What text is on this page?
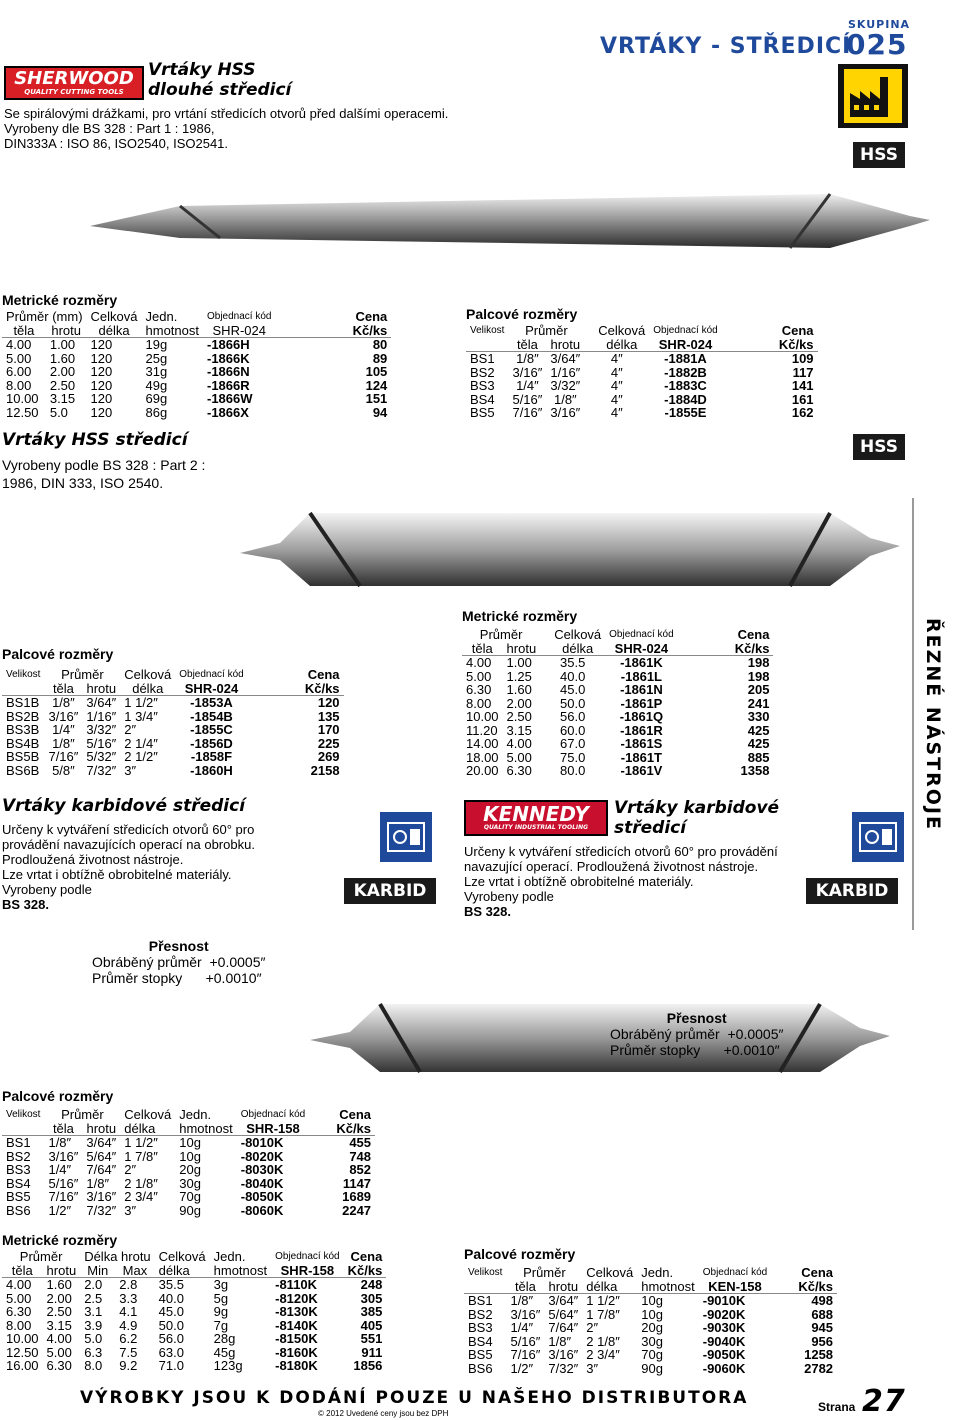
SHERWOOD
QUALITY CUTTING TOOLS
Vrtáky HSS
dlouhé středicí
Se spirálovými drážkami, pro vrtání středicích otvorů před dalšími operacemi.
Vyrobeny dle BS 328 : Part 1 : 1986,
DIN333A : ISO 86, ISO2540, ISO2541.
SKUPINA
VRTÁKY - STŘEDICÍ
025
HSS
Metrické rozměry
Průměr (mm)		Celková	Jedn.	Objednací kód	Cena
těla	hrotu	délka	hmotnost	SHR-024	Kč/ks
4.00	1.00	120	19g	-1866H	80
5.00	1.60	120	25g	-1866K	89
6.00	2.00	120	31g	-1866N	105
8.00	2.50	120	49g	-1866R	124
10.00	3.15	120	69g	-1866W	151
12.50	5.0	120	86g	-1866X	94
Palcové rozměry
Velikost	Průměr		Celková	Objednací kód	Cena
	těla	hrotu	délka	SHR-024	Kč/ks
BS1	1/8″	3/64″	4″	-1881A	109
BS2	3/16″	1/16″	4″	-1882B	117
BS3	1/4″	3/32″	4″	-1883C	141
BS4	5/16″	1/8″	4″	-1884D	161
BS5	7/16″	3/16″	4″	-1855E	162
Vrtáky HSS středicí
Vyrobeny podle BS 328 : Part 2 :
1986, DIN 333, ISO 2540.
HSS
Palcové rozměry
Velikost	Průměr		Celková	Objednací kód	Cena
	těla	hrotu	délka	SHR-024	Kč/ks
BS1B	1/8″	3/64″	1 1/2″	-1853A	120
BS2B	3/16″	1/16″	1 3/4″	-1854B	135
BS3B	1/4″	3/32″	2″	-1855C	170
BS4B	1/8″	5/16″	2 1/4″	-1856D	225
BS5B	7/16″	5/32″	2 1/2″	-1858F	269
BS6B	5/8″	7/32″	3″	-1860H	2158
Metrické rozměry
Průměr		Celková	Objednací kód	Cena
těla	hrotu	délka	SHR-024	Kč/ks
4.00	1.00	35.5	-1861K	198
5.00	1.25	40.0	-1861L	198
6.30	1.60	45.0	-1861N	205
8.00	2.00	50.0	-1861P	241
10.00	2.50	56.0	-1861Q	330
11.20	3.15	60.0	-1861R	425
14.00	4.00	67.0	-1861S	425
18.00	5.00	75.0	-1861T	885
20.00	6.30	80.0	-1861V	1358	ŘEZNÉ NÁSTROJE
Vrtáky karbidové středicí
Určeny k vytváření středicích otvorů 60° pro
provádění navazujících operací na obrobku.
Prodloužená životnost nástroje.
Lze vrtat i obtížně obrobitelné materiály.
Vyrobeny podle
BS 328.
KARBID
Přesnost
Obráběný průměr +0.0005″
Průměr stopky +0.0010″
Přesnost
Obráběný průměr +0.0005″
Průměr stopky +0.0010″
Palcové rozměry
Velikost	Průměr		Celková	Jedn.	Objednací kód	Cena
	těla	hrotu	délka	hmotnost	SHR-158	Kč/ks
BS1	1/8″	3/64″	1 1/2″	10g	-8010K	455
BS2	3/16″	5/64″	1 7/8″	10g	-8020K	748
BS3	1/4″	7/64″	2″	20g	-8030K	852
BS4	5/16″	1/8″	2 1/8″	30g	-8040K	1147
BS5	7/16″	3/16″	2 3/4″	70g	-8050K	1689
BS6	1/2″	7/32″	3″	90g	-8060K	2247
Metrické rozměry
Průměr		Délka hrotu		Celková	Jedn.	Objednací kód	Cena
těla	hrotu	Min	Max	délka	hmotnost	SHR-158	Kč/ks
4.00	1.60	2.0	2.8	35.5	3g	-8110K	248
5.00	2.00	2.5	3.3	40.0	5g	-8120K	305
6.30	2.50	3.1	4.1	45.0	9g	-8130K	385
8.00	3.15	3.9	4.9	50.0	7g	-8140K	405
10.00	4.00	5.0	6.2	56.0	28g	-8150K	551
12.50	5.00	6.3	7.5	63.0	45g	-8160K	911
16.00	6.30	8.0	9.2	71.0	123g	-8180K	1856
KENNEDY
QUALITY INDUSTRIAL TOOLING
Vrtáky karbidové
středicí
Určeny k vytváření středicích otvorů 60° pro provádění
navazující operací. Prodloužená životnost nástroje.
Lze vrtat i obtížně obrobitelné materiály.
Vyrobeny podle
BS 328.
KARBID
Palcové rozměry
Velikost	Průměr		Celková	Jedn.	Objednací kód	Cena
	těla	hrotu	délka	hmotnost	KEN-158	Kč/ks
BS1	1/8″	3/64″	1 1/2″	10g	-9010K	498
BS2	3/16″	5/64″	1 7/8″	10g	-9020K	688
BS3	1/4″	7/64″	2″	20g	-9030K	945
BS4	5/16″	1/8″	2 1/8″	30g	-9040K	956
BS5	7/16″	3/16″	2 3/4″	70g	-9050K	1258
BS6	1/2″	7/32″	3″	90g	-9060K	2782
VÝROBKY JSOU K DODÁNÍ POUZE U NAŠEHO DISTRIBUTORA
© 2012 Uvedené ceny jsou bez DPH	Strana 27
